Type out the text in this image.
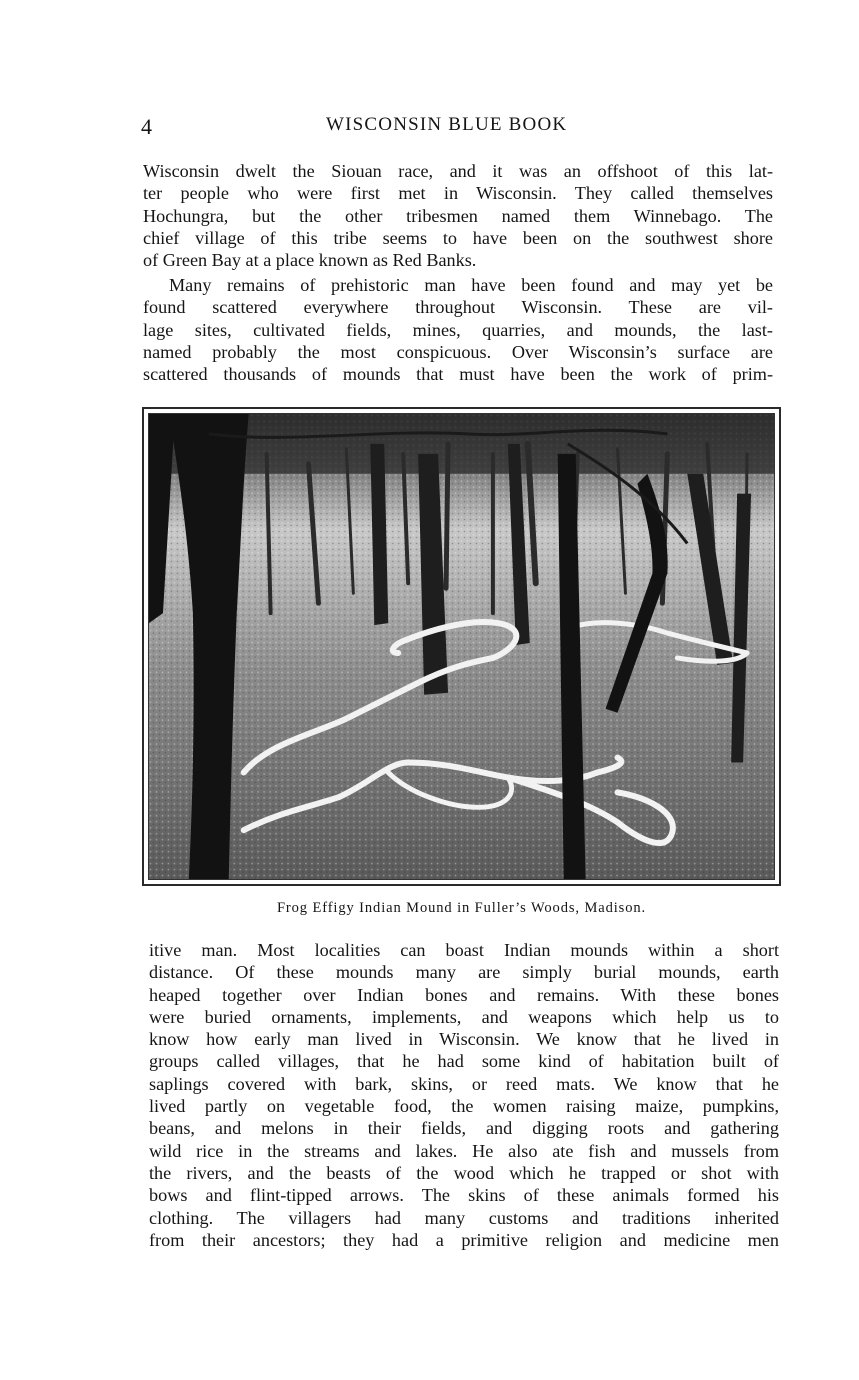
4	WISCONSIN BLUE BOOK
Wisconsin dwelt the Siouan race, and it was an offshoot of this lat-
ter people who were first met in Wisconsin. They called themselves
Hochungra, but the other tribesmen named them Winnebago. The
chief village of this tribe seems to have been on the southwest shore
of Green Bay at a place known as Red Banks.
Many remains of prehistoric man have been found and may yet be
found scattered everywhere throughout Wisconsin. These are vil-
lage sites, cultivated fields, mines, quarries, and mounds, the last-
named probably the most conspicuous. Over Wisconsin’s surface are
scattered thousands of mounds that must have been the work of prim-
Frog Effigy Indian Mound in Fuller’s Woods, Madison.
itive man. Most localities can boast Indian mounds within a short
distance. Of these mounds many are simply burial mounds, earth
heaped together over Indian bones and remains. With these bones
were buried ornaments, implements, and weapons which help us to
know how early man lived in Wisconsin. We know that he lived in
groups called villages, that he had some kind of habitation built of
saplings covered with bark, skins, or reed mats. We know that he
lived partly on vegetable food, the women raising maize, pumpkins,
beans, and melons in their fields, and digging roots and gathering
wild rice in the streams and lakes. He also ate fish and mussels from
the rivers, and the beasts of the wood which he trapped or shot with
bows and flint-tipped arrows. The skins of these animals formed his
clothing. The villagers had many customs and traditions inherited
from their ancestors; they had a primitive religion and medicine men
